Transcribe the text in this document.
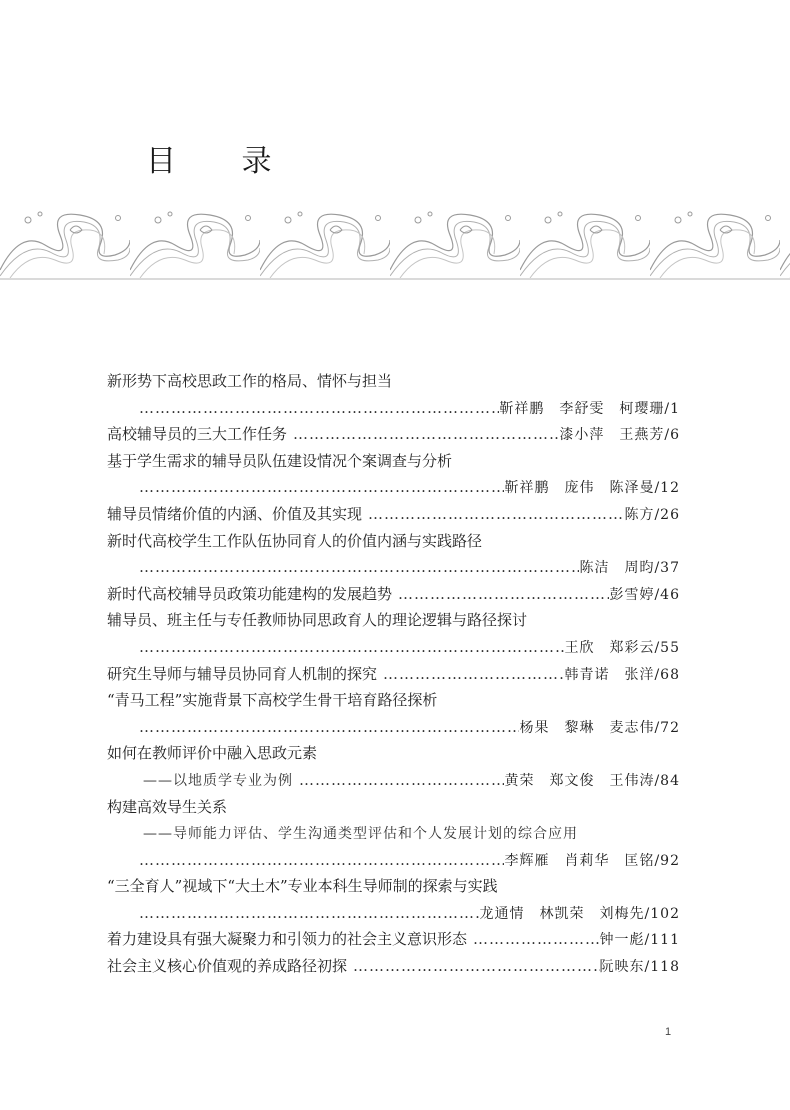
目 录
新形势下高校思政工作的格局、情怀与担当
……………………………………………………………………………………………………………………………………………………………
靳祥鹏　李舒雯　柯璎珊/1
高校辅导员的三大工作任务 ……………………………………………………………………………………………………………………………………………………………	漆小萍　王燕芳/6
基于学生需求的辅导员队伍建设情况个案调查与分析
……………………………………………………………………………………………………………………………………………………………
靳祥鹏　庞伟　陈泽曼/12
辅导员情绪价值的内涵、价值及其实现 ……………………………………………………………………………………………………………………………………………………………	陈方/26
新时代高校学生工作队伍协同育人的价值内涵与实践路径
……………………………………………………………………………………………………………………………………………………………
陈洁　周昀/37
新时代高校辅导员政策功能建构的发展趋势 ……………………………………………………………………………………………………………………………………………………………	彭雪婷/46
辅导员、班主任与专任教师协同思政育人的理论逻辑与路径探讨
……………………………………………………………………………………………………………………………………………………………
王欣　郑彩云/55
研究生导师与辅导员协同育人机制的探究 ……………………………………………………………………………………………………………………………………………………………	韩青诺　张洋/68
“青马工程”实施背景下高校学生骨干培育路径探析
……………………………………………………………………………………………………………………………………………………………
杨果　黎琳　麦志伟/72
如何在教师评价中融入思政元素
——以地质学专业为例 ……………………………………………………………………………………………………………………………………………………………	黄荣　郑文俊　王伟涛/84
构建高效导生关系
——导师能力评估、学生沟通类型评估和个人发展计划的综合应用
……………………………………………………………………………………………………………………………………………………………
李辉雁　肖莉华　匡铭/92
“三全育人”视域下“大土木”专业本科生导师制的探索与实践
……………………………………………………………………………………………………………………………………………………………
龙通情　林凯荣　刘梅先/102
着力建设具有强大凝聚力和引领力的社会主义意识形态 ……………………………………………………………………………………………………………………………………………………………	钟一彪/111
社会主义核心价值观的养成路径初探 ……………………………………………………………………………………………………………………………………………………………	阮映东/118
1
